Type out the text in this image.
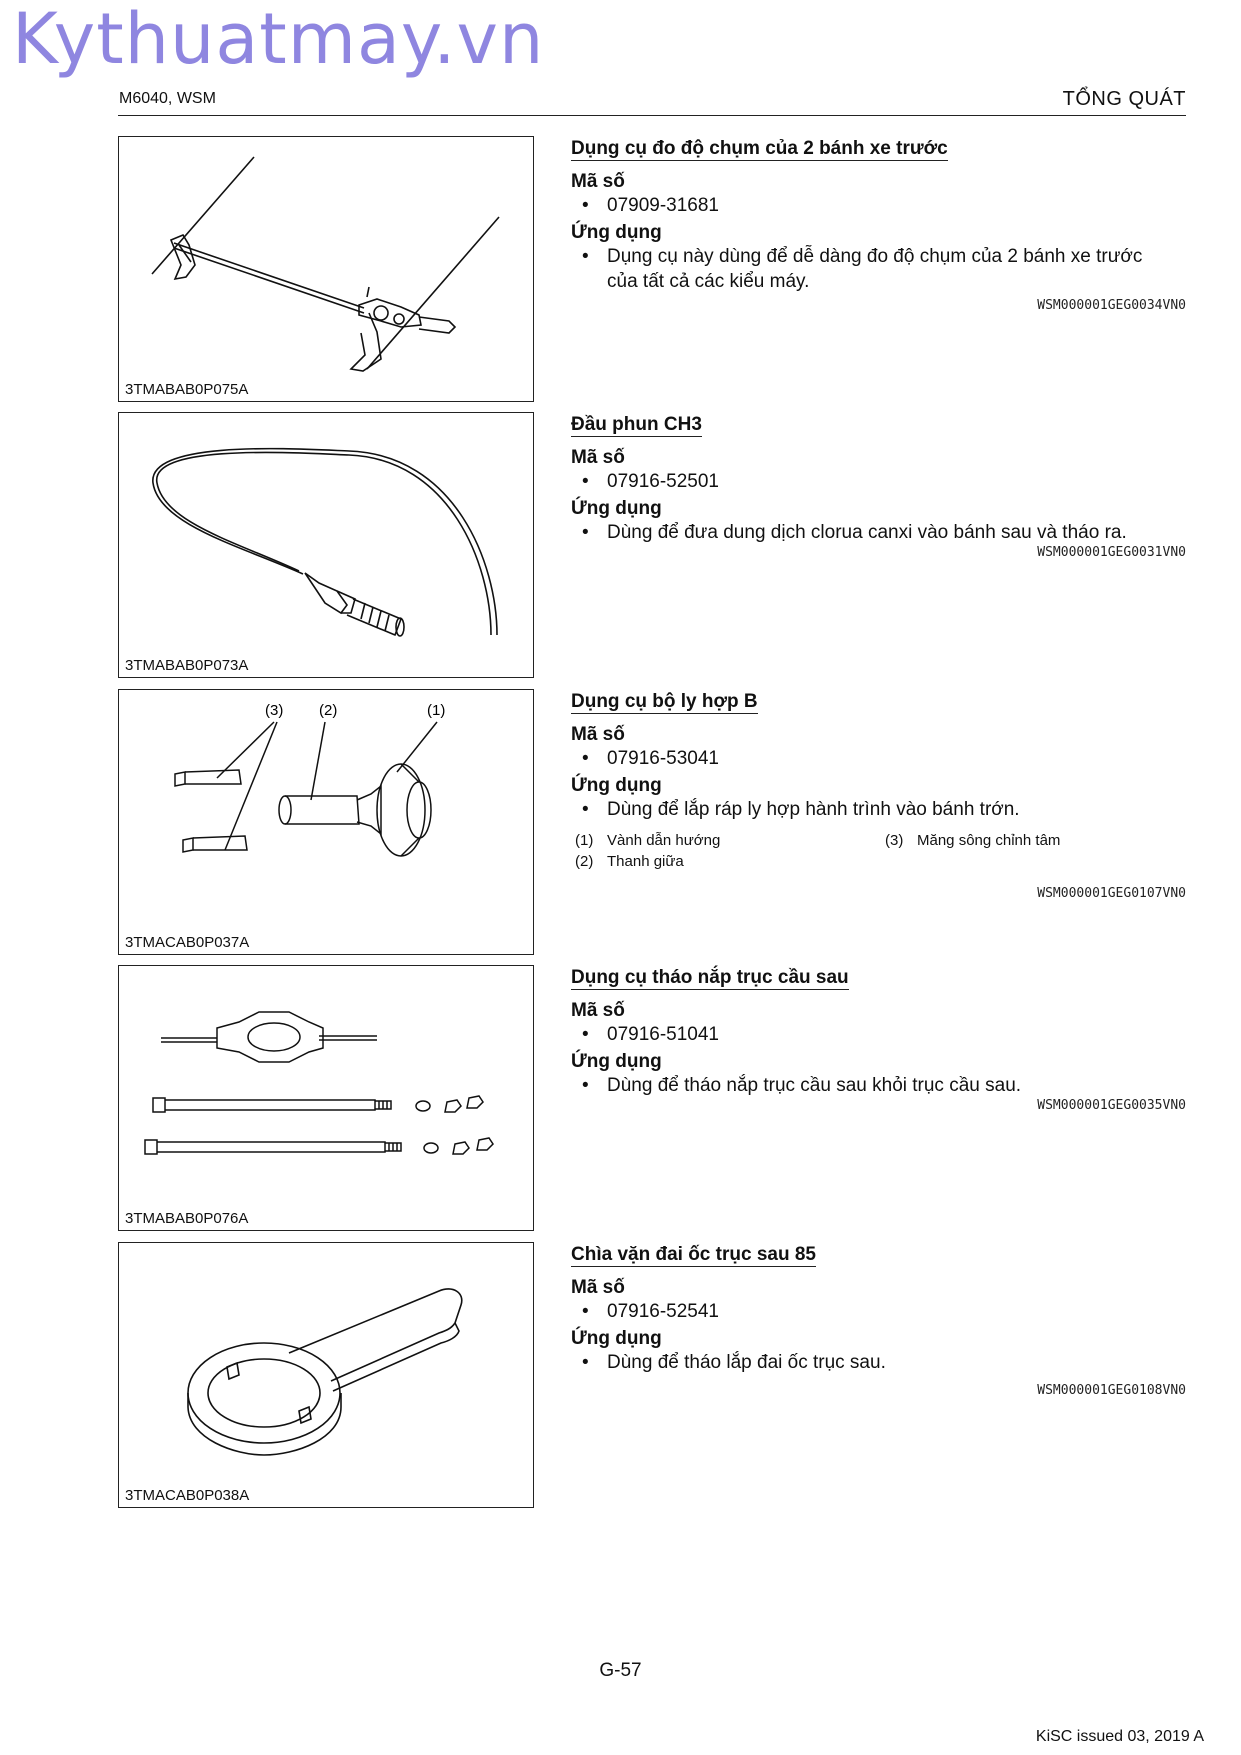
Kythuatmay.vn
M6040, WSM	TỔNG QUÁT
3TMABAB0P075A
Dụng cụ đo độ chụm của 2 bánh xe trước
Mã số
• 07909-31681
Ứng dụng
• Dụng cụ này dùng để dễ dàng đo độ chụm của 2 bánh xe trước
của tất cả các kiểu máy.
WSM000001GEG0034VN0
3TMABAB0P073A
Đầu phun CH3
Mã số
• 07916-52501
Ứng dụng
• Dùng để đưa dung dịch clorua canxi vào bánh sau và tháo ra.
WSM000001GEG0031VN0
(3) (2)	(1)
3TMACAB0P037A
Dụng cụ bộ ly hợp B
Mã số
• 07916-53041
Ứng dụng
• Dùng để lắp ráp ly hợp hành trình vào bánh trớn.
(1) Vành dẫn hướng
(2) Thanh giữa
(3) Măng sông chỉnh tâm
WSM000001GEG0107VN0
3TMABAB0P076A
Dụng cụ tháo nắp trục cầu sau
Mã số
• 07916-51041
Ứng dụng
• Dùng để tháo nắp trục cầu sau khỏi trục cầu sau.
WSM000001GEG0035VN0
3TMACAB0P038A
Chìa vặn đai ốc trục sau 85
Mã số
• 07916-52541
Ứng dụng
• Dùng để tháo lắp đai ốc trục sau.
WSM000001GEG0108VN0
G-57
KiSC issued 03, 2019 A
